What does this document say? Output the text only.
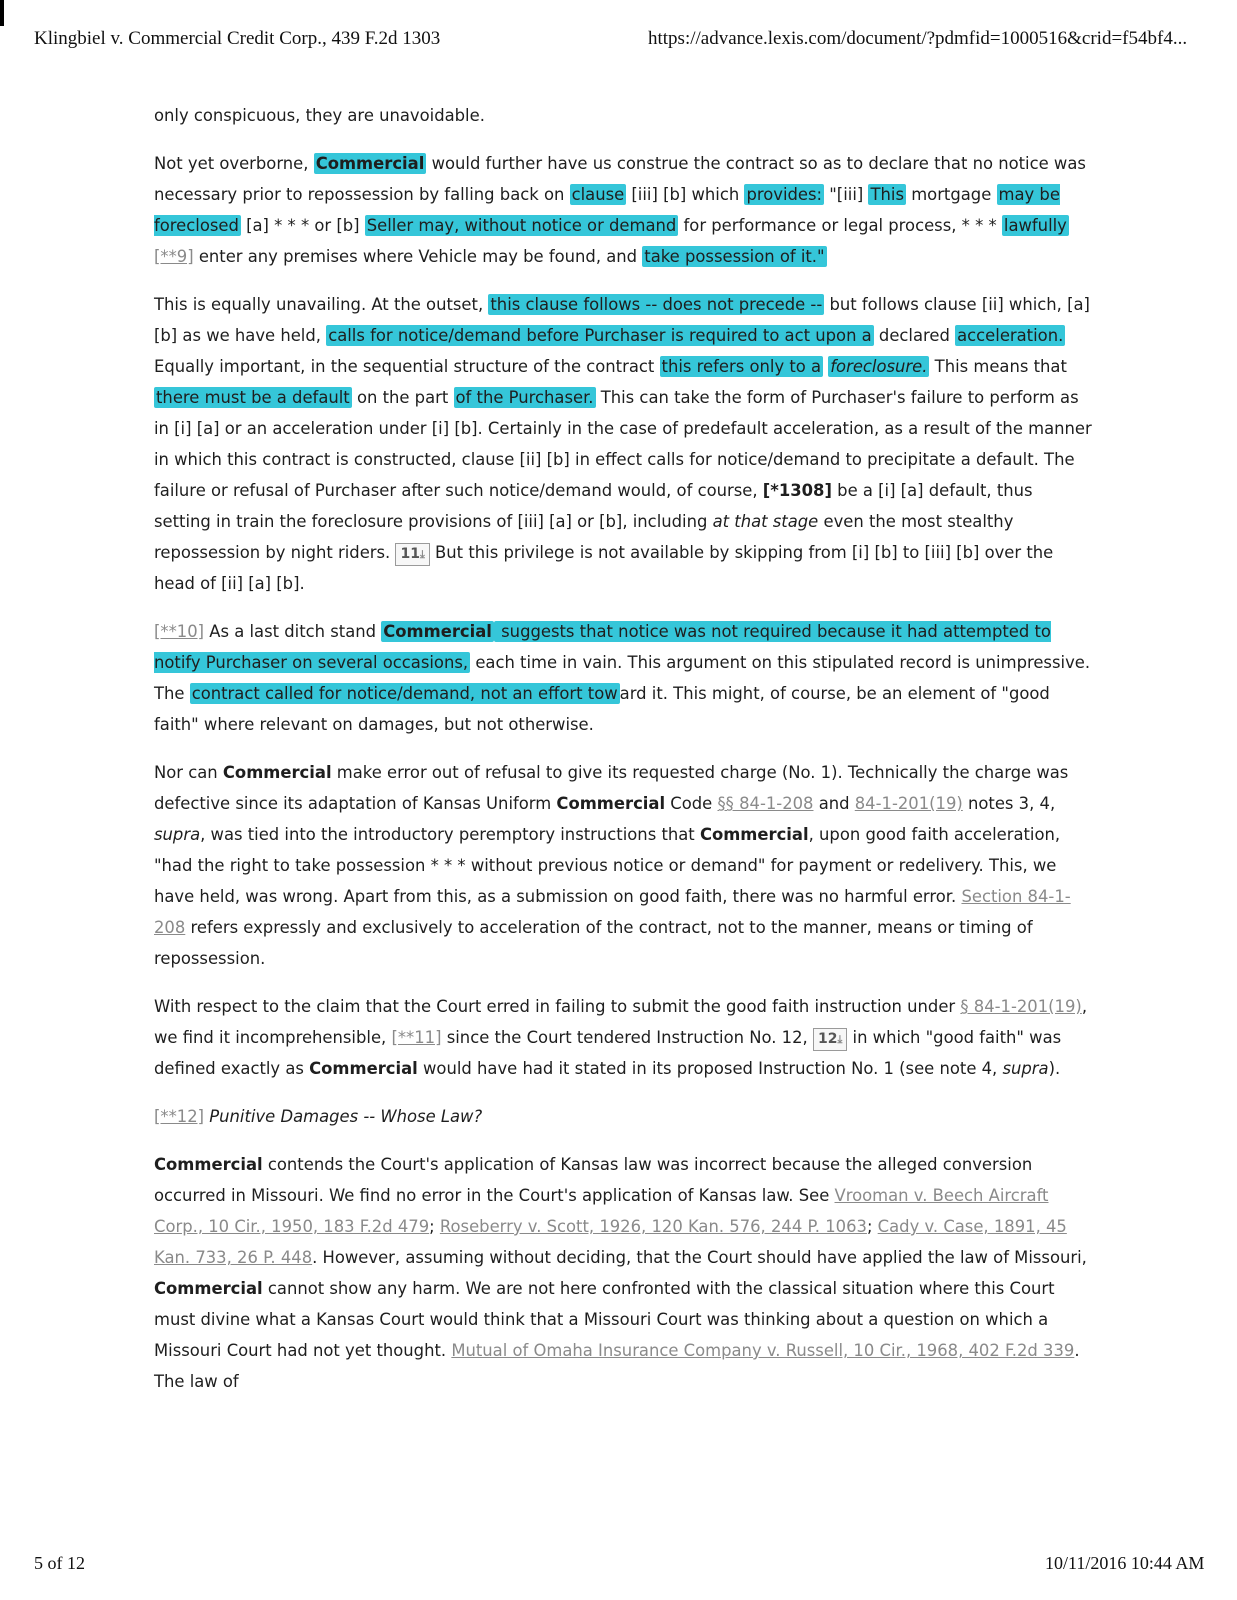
Klingbiel v. Commercial Credit Corp., 439 F.2d 1303	https://advance.lexis.com/document/?pdmfid=1000516&crid=f54bf4...

only conspicuous, they are unavoidable.

Not yet overborne, Commercial would further have us construe the contract so as to declare that no notice was necessary prior to repossession by falling back on clause [iii] [b] which provides: "[iii] This mortgage may be foreclosed [a] * * * or [b] Seller may, without notice or demand for performance or legal process, * * * lawfully [**9] enter any premises where Vehicle may be found, and take possession of it."

This is equally unavailing. At the outset, this clause follows -- does not precede -- but follows clause [ii] which, [a] [b] as we have held, calls for notice/demand before Purchaser is required to act upon a declared acceleration. Equally important, in the sequential structure of the contract this refers only to a foreclosure. This means that there must be a default on the part of the Purchaser. This can take the form of Purchaser's failure to perform as in [i] [a] or an acceleration under [i] [b]. Certainly in the case of predefault acceleration, as a result of the manner in which this contract is constructed, clause [ii] [b] in effect calls for notice/demand to precipitate a default. The failure or refusal of Purchaser after such notice/demand would, of course, [*1308] be a [i] [a] default, thus setting in train the foreclosure provisions of [iii] [a] or [b], including at that stage even the most stealthy repossession by night riders. 11⤓ But this privilege is not available by skipping from [i] [b] to [iii] [b] over the head of [ii] [a] [b].

[**10] As a last ditch stand Commercial suggests that notice was not required because it had attempted to notify Purchaser on several occasions, each time in vain. This argument on this stipulated record is unimpressive. The contract called for notice/demand, not an effort tow ard it. This might, of course, be an element of "good faith" where relevant on damages, but not otherwise.

Nor can Commercial make error out of refusal to give its requested charge (No. 1). Technically the charge was defective since its adaptation of Kansas Uniform Commercial Code §§ 84-1-208 and 84-1-201(19) notes 3, 4, supra, was tied into the introductory peremptory instructions that Commercial, upon good faith acceleration, "had the right to take possession * * * without previous notice or demand" for payment or redelivery. This, we have held, was wrong. Apart from this, as a submission on good faith, there was no harmful error. Section 84-1-208 refers expressly and exclusively to acceleration of the contract, not to the manner, means or timing of repossession.

With respect to the claim that the Court erred in failing to submit the good faith instruction under § 84-1-201(19), we find it incomprehensible, [**11] since the Court tendered Instruction No. 12, 12⤓ in which "good faith" was defined exactly as Commercial would have had it stated in its proposed Instruction No. 1 (see note 4, supra).

[**12] Punitive Damages -- Whose Law?

Commercial contends the Court's application of Kansas law was incorrect because the alleged conversion occurred in Missouri. We find no error in the Court's application of Kansas law. See Vrooman v. Beech Aircraft Corp., 10 Cir., 1950, 183 F.2d 479; Roseberry v. Scott, 1926, 120 Kan. 576, 244 P. 1063; Cady v. Case, 1891, 45 Kan. 733, 26 P. 448. However, assuming without deciding, that the Court should have applied the law of Missouri, Commercial cannot show any harm. We are not here confronted with the classical situation where this Court must divine what a Kansas Court would think that a Missouri Court was thinking about a question on which a Missouri Court had not yet thought. Mutual of Omaha Insurance Company v. Russell, 10 Cir., 1968, 402 F.2d 339. The law of

5 of 12	10/11/2016 10:44 AM
